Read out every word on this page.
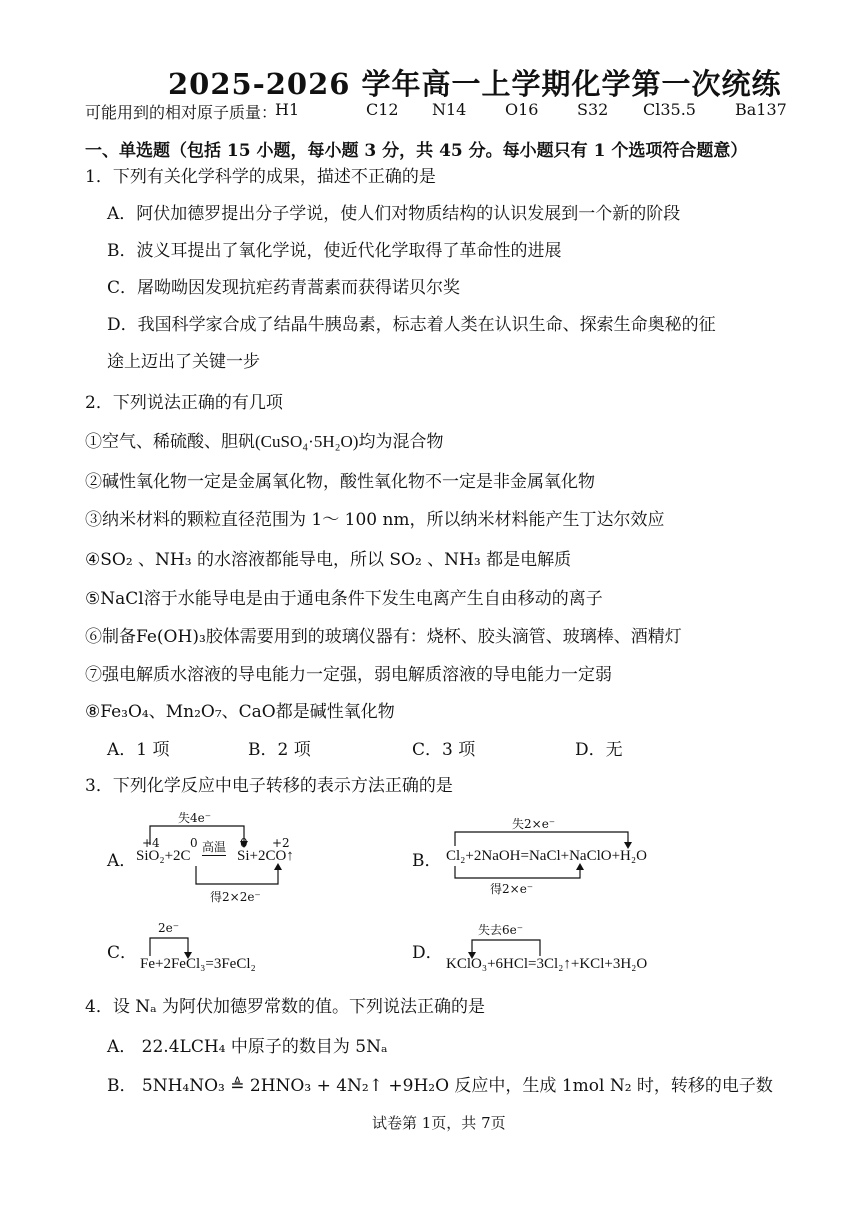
2025-2026 学年高一上学期化学第一次统练
可能用到的相对原子质量：
H1	C12 N14 O16 S32 Cl35.5 Ba137
一、单选题（包括 15 小题，每小题 3 分，共 45 分。每小题只有 1 个选项符合题意）
1．下列有关化学科学的成果，描述不正确的是
A．阿伏加德罗提出分子学说，使人们对物质结构的认识发展到一个新的阶段
B．波义耳提出了氧化学说，使近代化学取得了革命性的进展
C．屠呦呦因发现抗疟药青蒿素而获得诺贝尔奖
D．我国科学家合成了结晶牛胰岛素，标志着人类在认识生命、探索生命奥秘的征
途上迈出了关键一步
2．下列说法正确的有几项
①空气、稀硫酸、胆矾(CuSO₄·5H₂O)均为混合物
②碱性氧化物一定是金属氧化物，酸性氧化物不一定是非金属氧化物
③纳米材料的颗粒直径范围为 1～ 100 nm，所以纳米材料能产生丁达尔效应
④SO₂ 、NH₃ 的水溶液都能导电，所以 SO₂ 、NH₃ 都是电解质
⑤NaCl溶于水能导电是由于通电条件下发生电离产生自由移动的离子
⑥制备Fe(OH)₃胶体需要用到的玻璃仪器有：烧杯、胶头滴管、玻璃棒、酒精灯
⑦强电解质水溶液的导电能力一定强，弱电解质溶液的导电能力一定弱
⑧Fe₃O₄、Mn₂O₇、CaO都是碱性氧化物
A．1 项	B．2 项	C．3 项	D．无
3．下列化学反应中电子转移的表示方法正确的是
A．
失4e⁻
+4	0	0 +2
高温
SiO₂+2C	Si+2CO↑
得2×2e⁻
B．
失2×e⁻
Cl₂+2NaOH=NaCl+NaClO+H₂O
得2×e⁻
C．
2e⁻
Fe+2FeCl₃=3FeCl₂
D．
失去6e⁻
KClO₃+6HCl=3Cl₂↑+KCl+3H₂O
4．设 Nₐ 为阿伏加德罗常数的值。下列说法正确的是
A． 22.4LCH₄ 中原子的数目为 5Nₐ
B． 5NH₄NO₃ ≜ 2HNO₃ + 4N₂↑ +9H₂O 反应中，生成 1mol N₂ 时，转移的电子数
试卷第 1页，共 7页
